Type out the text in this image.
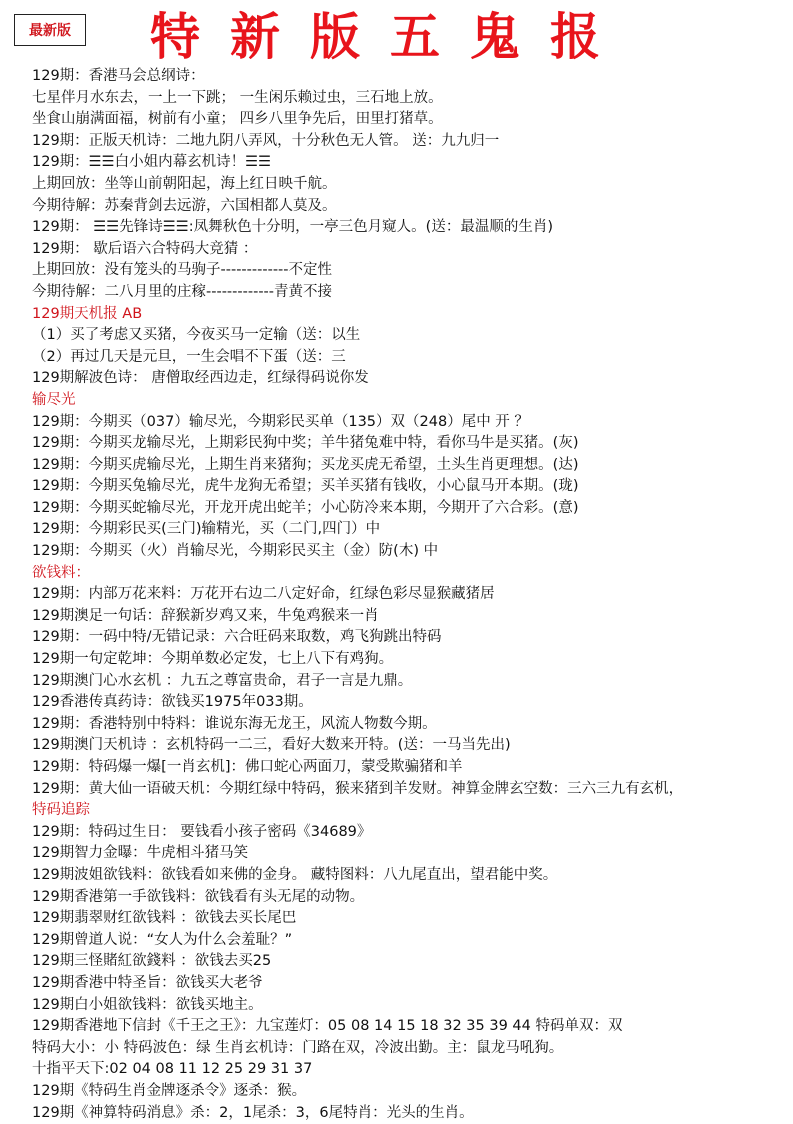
最新版	特 新 版 五 鬼 报
129期：香港马会总纲诗：
七星伴月水东去，一上一下跳； 一生闲乐赖过虫，三石地上放。
坐食山崩满面福，树前有小童； 四乡八里争先后，田里打猪草。
129期：正版天机诗：二地九阴八弄风，十分秋色无人管。 送：九九归一
129期：☰☰白小姐内幕玄机诗！☰☰
上期回放：坐等山前朝阳起，海上红日映千航。
今期待解：苏秦背剑去远游，六国相都人莫及。
129期： ☰☰先锋诗☰☰:凤舞秋色十分明，一亭三色月窥人。(送：最温顺的生肖)
129期： 歇后语六合特码大竞猜 ：
上期回放：没有笼头的马驹子-------------不定性
今期待解：二八月里的庄稼-------------青黄不接
129期天机报 AB
（1）买了考虑又买猪，今夜买马一定输（送：以生
（2）再过几天是元旦，一生会唱不下蛋（送：三
129期解波色诗： 唐僧取经西边走，红绿得码说你发
输尽光
129期：今期买（037）输尽光，今期彩民买单（135）双（248）尾中 开 ？
129期：今期买龙输尽光，上期彩民狗中奖；羊牛猪兔难中特，看你马牛是买猪。(灰)
129期：今期买虎输尽光，上期生肖来猪狗；买龙买虎无希望，土头生肖更理想。(达)
129期：今期买兔输尽光，虎牛龙狗无希望；买羊买猪有钱收，小心鼠马开本期。(珑)
129期：今期买蛇输尽光，开龙开虎出蛇羊；小心防冷来本期，今期开了六合彩。(意)
129期：今期彩民买(三门)输精光，买（二门,四门）中
129期：今期买（火）肖输尽光，今期彩民买主（金）防(木) 中
欲钱料：
129期：内部万花来料：万花开右边二八定好命，红绿色彩尽显猴藏猪居
129期澳足一句话：辞猴新岁鸡又来，牛兔鸡猴来一肖
129期：一码中特/无错记录：六合旺码来取数，鸡飞狗跳出特码
129期一句定乾坤：今期单数必定发，七上八下有鸡狗。
129期澳门心水玄机 ：九五之尊富贵命，君子一言是九鼎。
129香港传真药诗：欲钱买1975年033期。
129期：香港特别中特料：谁说东海无龙王，风流人物数今期。
129期澳门天机诗 ：玄机特码一二三，看好大数来开特。(送：一马当先出)
129期：特码爆一爆[一肖玄机]：佛口蛇心两面刀，蒙受欺骗猪和羊
129期：黄大仙一语破天机：今期红绿中特码，猴来猪到羊发财。神算金牌玄空数：三六三九有玄机，
特码追踪
129期：特码过生日： 要钱看小孩子密码《34689》
129期智力金曝：牛虎相斗猪马笑
129期波姐欲钱料：欲钱看如来佛的金身。 藏特图料：八九尾直出，望君能中奖。
129期香港第一手欲钱料：欲钱看有头无尾的动物。
129期翡翠财红欲钱料 ：欲钱去买长尾巴
129期曾道人说：“女人为什么会羞耻？”
129期三怪賭紅欲錢料 ：欲钱去买25
129期香港中特圣旨：欲钱买大老爷
129期白小姐欲钱料：欲钱买地主。
129期香港地下信封《千王之王》：九宝莲灯：05 08 14 15 18 32 35 39 44 特码单双：双
特码大小：小 特码波色：绿 生肖玄机诗：门路在双，冷波出勤。主：鼠龙马吼狗。
十指平天下:02 04 08 11 12 25 29 31 37
129期《特码生肖金牌逐杀令》逐杀：猴。
129期《神算特码消息》杀：2，1尾杀：3，6尾特肖：光头的生肖。
